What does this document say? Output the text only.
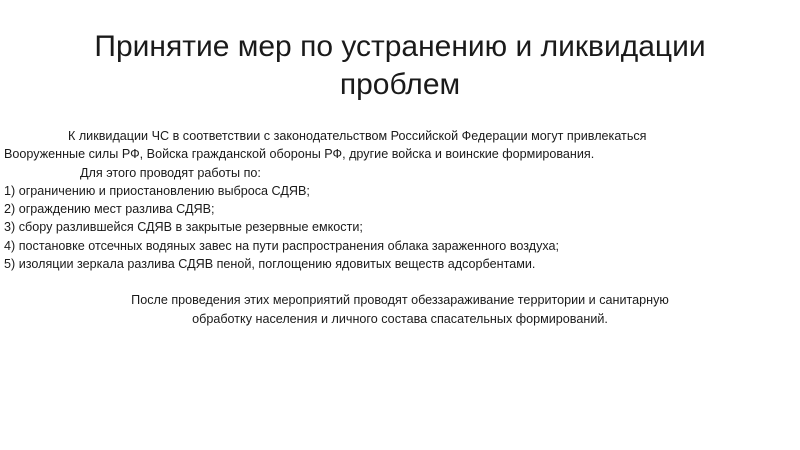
Принятие мер по устранению и ликвидации
проблем

К ликвидации ЧС в соответствии с законодательством Российской Федерации могут привлекаться

Вооруженные силы РФ, Войска гражданской обороны РФ, другие войска и воинские формирования.

Для этого проводят работы по:

1) ограничению и приостановлению выброса СДЯВ;

2) ограждению мест разлива СДЯВ;

3) сбору разлившейся СДЯВ в закрытые резервные емкости;

4) постановке отсечных водяных завес на пути распространения облака зараженного воздуха;

5) изоляции зеркала разлива СДЯВ пеной, поглощению ядовитых веществ адсорбентами.

После проведения этих мероприятий проводят обеззараживание территории и санитарную

обработку населения и личного состава спасательных формирований.
